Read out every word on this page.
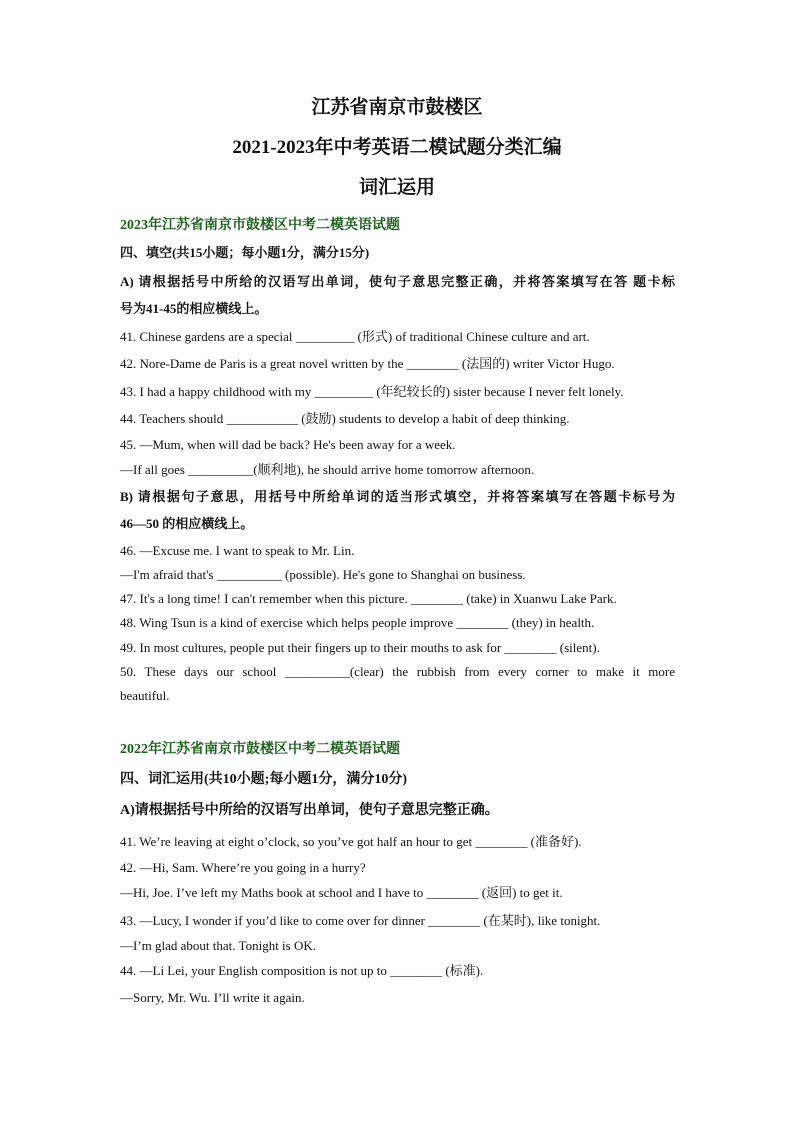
江苏省南京市鼓楼区
2021-2023年中考英语二模试题分类汇编
词汇运用
2023年江苏省南京市鼓楼区中考二模英语试题
四、填空(共15小题；每小题1分，满分15分)
A) 请根据括号中所给的汉语写出单词，使句子意思完整正确，并将答案填写在答 题卡标
号为41-45的相应横线上。
41. Chinese gardens are a special _________ (形式) of traditional Chinese culture and art.
42. Nore-Dame de Paris is a great novel written by the ________ (法国的) writer Victor Hugo.
43. I had a happy childhood with my _________ (年纪较长的) sister because I never felt lonely.
44. Teachers should ___________ (鼓励) students to develop a habit of deep thinking.
45. —Mum, when will dad be back? He's been away for a week.
—If all goes __________(顺利地), he should arrive home tomorrow afternoon.
B) 请根据句子意思，用括号中所给单词的适当形式填空，并将答案填写在答题卡标号为
46—50 的相应横线上。
46. —Excuse me. I want to speak to Mr. Lin.
—I'm afraid that's __________ (possible). He's gone to Shanghai on business.
47. It's a long time! I can't remember when this picture. ________ (take) in Xuanwu Lake Park.
48. Wing Tsun is a kind of exercise which helps people improve ________ (they) in health.
49. In most cultures, people put their fingers up to their mouths to ask for ________ (silent).
50. These days our school __________(clear) the rubbish from every corner to make it more
beautiful.
2022年江苏省南京市鼓楼区中考二模英语试题
四、词汇运用(共10小题;每小题1分，满分10分)
A)请根据括号中所给的汉语写出单词，使句子意思完整正确。
41. We’re leaving at eight o’clock, so you’ve got half an hour to get ________ (准备好).
42. —Hi, Sam. Where’re you going in a hurry?
—Hi, Joe. I’ve left my Maths book at school and I have to ________ (返回) to get it.
43. —Lucy, I wonder if you’d like to come over for dinner ________ (在某时), like tonight.
—I’m glad about that. Tonight is OK.
44. —Li Lei, your English composition is not up to ________ (标准).
—Sorry, Mr. Wu. I’ll write it again.
